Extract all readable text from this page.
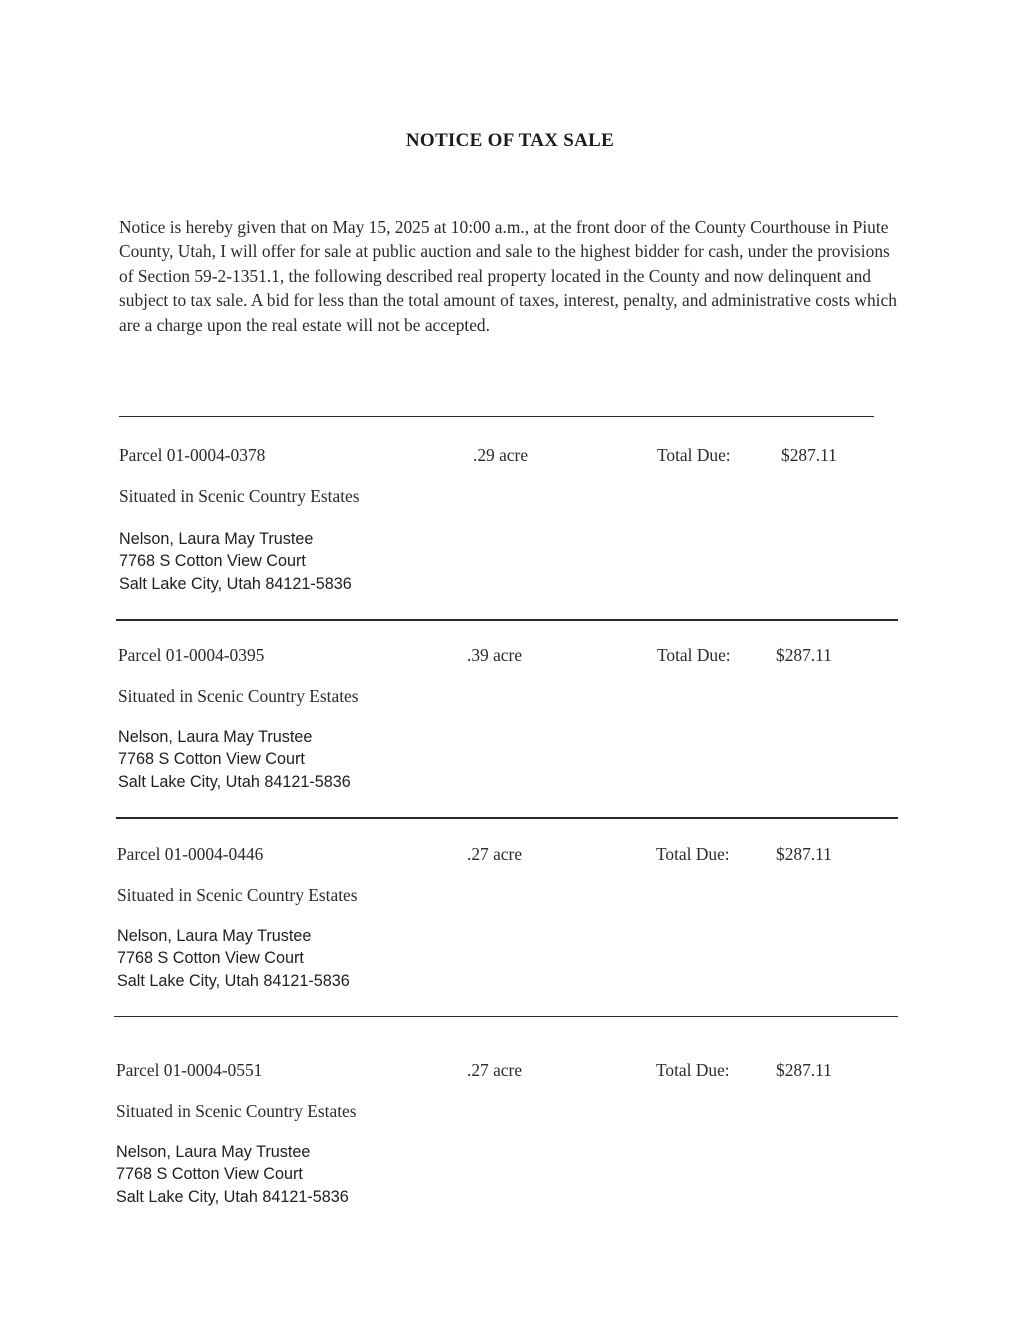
NOTICE OF TAX SALE
Notice is hereby given that on May 15, 2025 at 10:00 a.m., at the front door of the County Courthouse in Piute County, Utah, I will offer for sale at public auction and sale to the highest bidder for cash, under the provisions of Section 59-2-1351.1, the following described real property located in the County and now delinquent and subject to tax sale. A bid for less than the total amount of taxes, interest, penalty, and administrative costs which are a charge upon the real estate will not be accepted.
Parcel 01-0004-0378	.29 acre	Total Due:	$287.11
Situated in Scenic Country Estates
Nelson, Laura May Trustee
7768 S Cotton View Court
Salt Lake City, Utah 84121-5836
Parcel 01-0004-0395	.39 acre	Total Due:	$287.11
Situated in Scenic Country Estates
Nelson, Laura May Trustee
7768 S Cotton View Court
Salt Lake City, Utah 84121-5836
Parcel 01-0004-0446	.27 acre	Total Due:	$287.11
Situated in Scenic Country Estates
Nelson, Laura May Trustee
7768 S Cotton View Court
Salt Lake City, Utah 84121-5836
Parcel 01-0004-0551	.27 acre	Total Due:	$287.11
Situated in Scenic Country Estates
Nelson, Laura May Trustee
7768 S Cotton View Court
Salt Lake City, Utah 84121-5836
